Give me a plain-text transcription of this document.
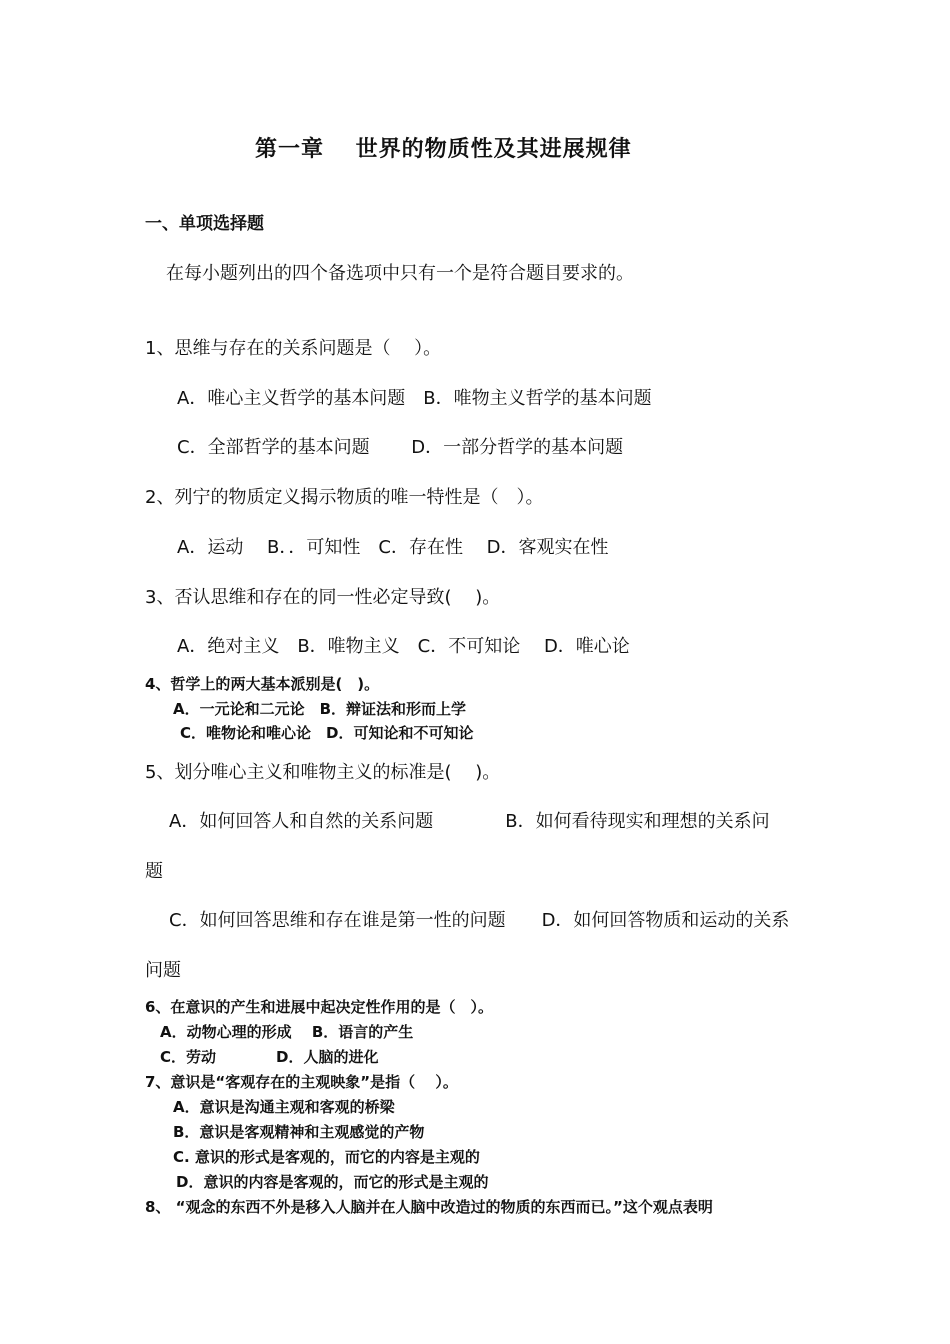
第一章　 世界的物质性及其进展规律
一、单项选择题
在每小题列出的四个备选项中只有一个是符合题目要求的。
1、思维与存在的关系问题是（　 ）。
A．唯心主义哲学的基本问题　B．唯物主义哲学的基本问题
C．全部哲学的基本问题　　 D．一部分哲学的基本问题
2、列宁的物质定义揭示物质的唯一特性是（　）。
A．运动　 B．．可知性　C．存在性　 D．客观实在性
3、否认思维和存在的同一性必定导致(　 )。
A．绝对主义　B．唯物主义　C．不可知论　 D．唯心论
4、哲学上的两大基本派别是(　)。
A．一元论和二元论　B．辩证法和形而上学
C．唯物论和唯心论　D．可知论和不可知论
5、划分唯心主义和唯物主义的标准是(　 )。
A．如何回答人和自然的关系问题　　　　B．如何看待现实和理想的关系问
题
C．如何回答思维和存在谁是第一性的问题　　D．如何回答物质和运动的关系
问题
6、在意识的产生和进展中起决定性作用的是（　）。
A．动物心理的形成　 B．语言的产生
C．劳动　　　　D．人脑的进化
7、意识是“客观存在的主观映象”是指（　 ）。
A．意识是沟通主观和客观的桥梁
B．意识是客观精神和主观感觉的产物
C. 意识的形式是客观的，而它的内容是主观的
D．意识的内容是客观的，而它的形式是主观的
8、 “观念的东西不外是移入人脑并在人脑中改造过的物质的东西而已。”这个观点表明
